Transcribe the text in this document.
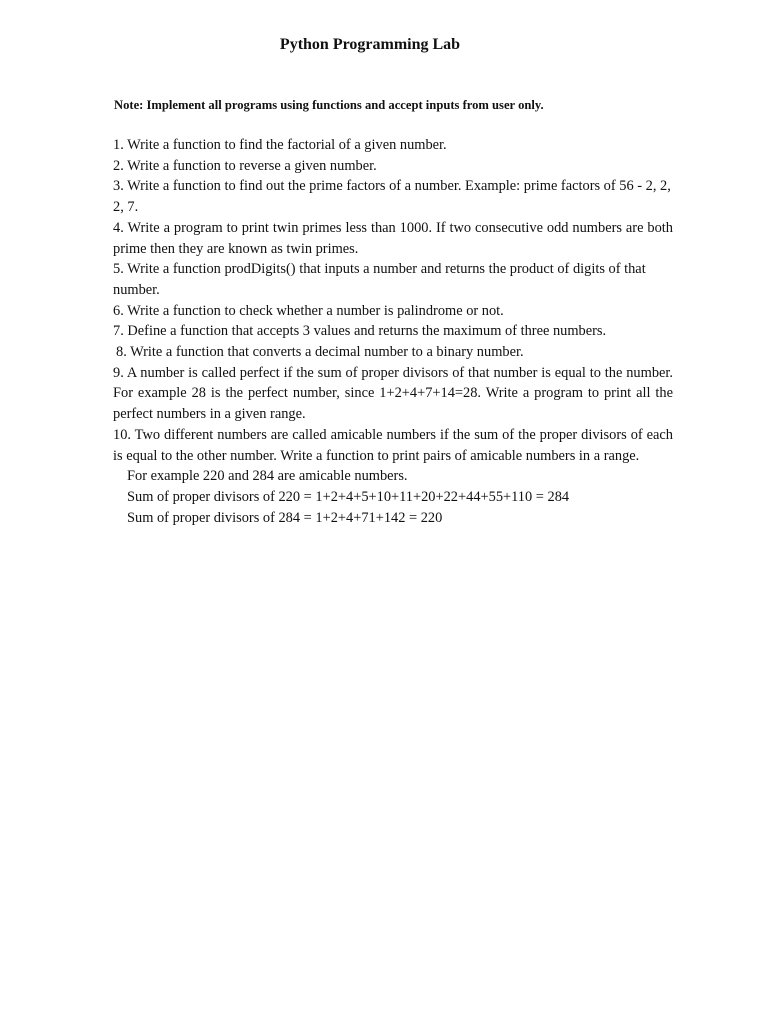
Python Programming Lab

Note: Implement all programs using functions and accept inputs from user only.

1. Write a function to find the factorial of a given number.

2. Write a function to reverse a given number.

3. Write a function to find out the prime factors of a number. Example: prime factors of 56 - 2, 2, 2, 7.

4. Write a program to print twin primes less than 1000. If two consecutive odd numbers are both prime then they are known as twin primes.

5. Write a function prodDigits() that inputs a number and returns the product of digits of that number.

6. Write a function to check whether a number is palindrome or not.

7. Define a function that accepts 3 values and returns the maximum of three numbers.

8. Write a function that converts a decimal number to a binary number.

9. A number is called perfect if the sum of proper divisors of that number is equal to the number. For example 28 is the perfect number, since 1+2+4+7+14=28. Write a program to print all the perfect numbers in a given range.

10. Two different numbers are called amicable numbers if the sum of the proper divisors of each is equal to the other number. Write a function to print pairs of amicable numbers in a range.

For example 220 and 284 are amicable numbers.

Sum of proper divisors of 220 = 1+2+4+5+10+11+20+22+44+55+110 = 284

Sum of proper divisors of 284 = 1+2+4+71+142 = 220
